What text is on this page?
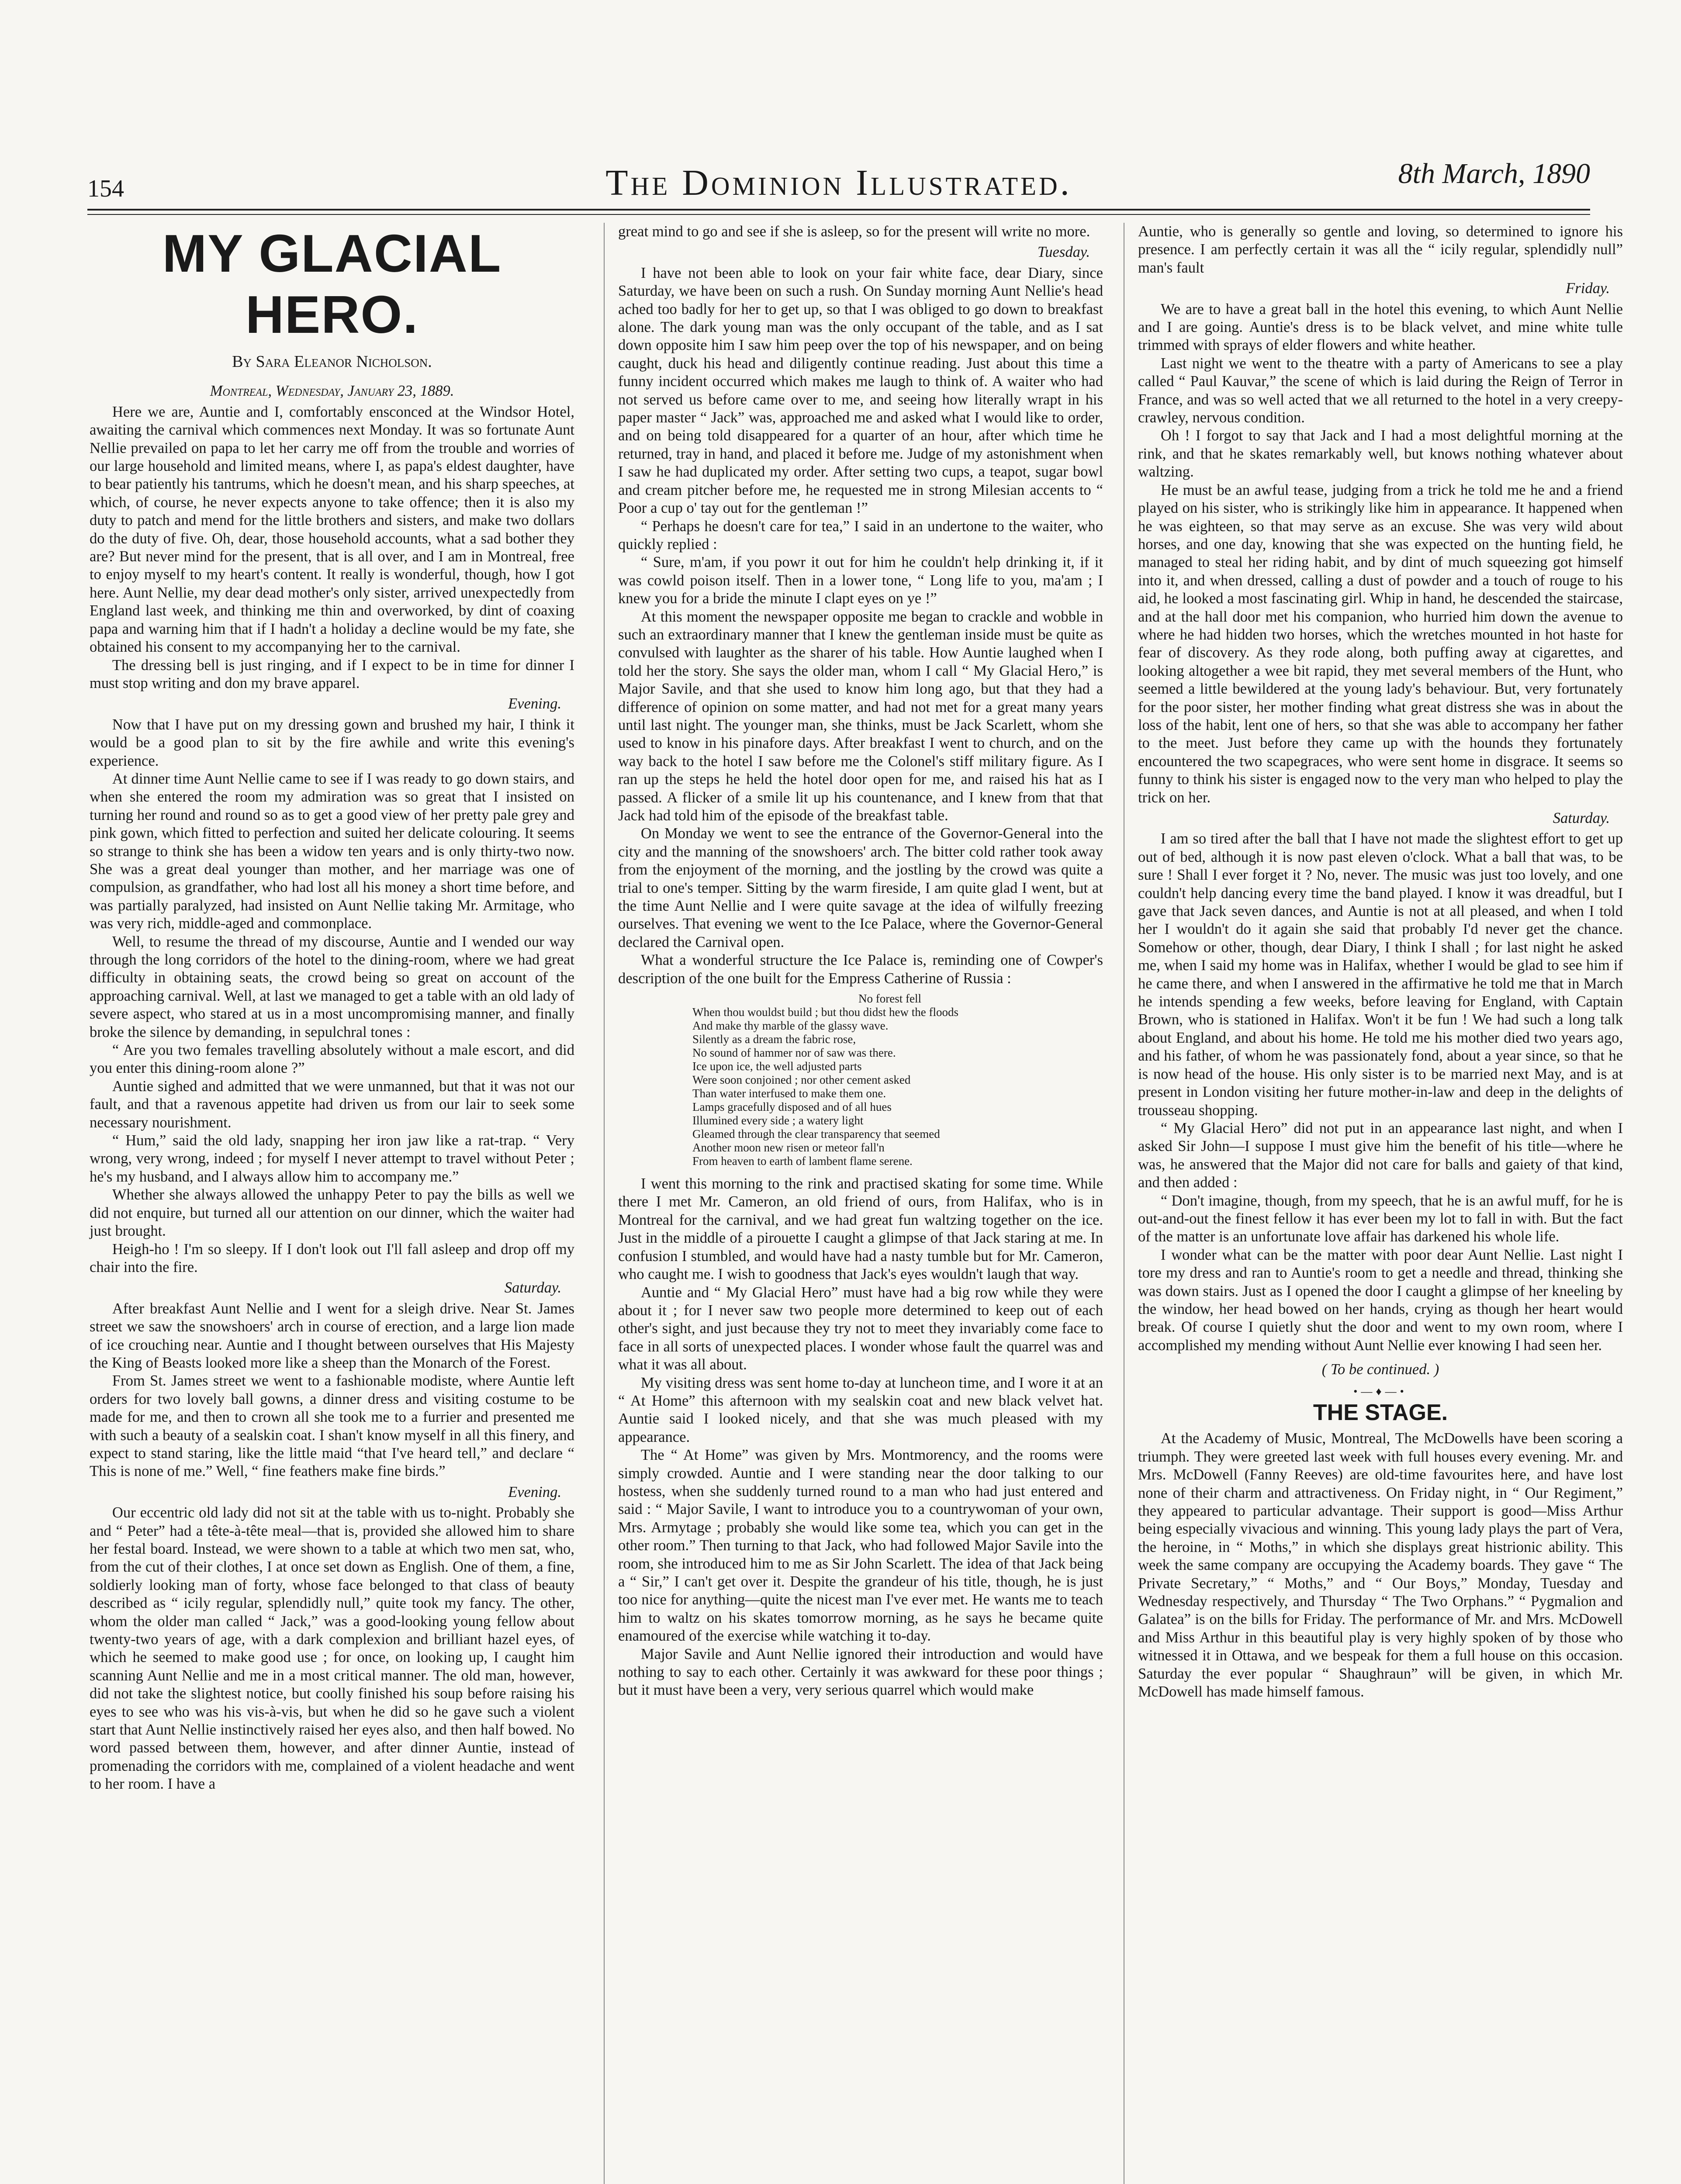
154	The Dominion Illustrated.	8th March, 1890
MY GLACIAL HERO.
By Sara Eleanor Nicholson.
Montreal, Wednesday, January 23, 1889.

Here we are, Auntie and I, comfortably ensconced at the Windsor Hotel, awaiting the carnival which commences next Monday. It was so fortunate Aunt Nellie prevailed on papa to let her carry me off from the trouble and worries of our large household and limited means, where I, as papa's eldest daughter, have to bear patiently his tantrums, which he doesn't mean, and his sharp speeches, at which, of course, he never expects anyone to take offence; then it is also my duty to patch and mend for the little brothers and sisters, and make two dollars do the duty of five. Oh, dear, those household accounts, what a sad bother they are? But never mind for the present, that is all over, and I am in Montreal, free to enjoy myself to my heart's content. It really is wonderful, though, how I got here. Aunt Nellie, my dear dead mother's only sister, arrived unexpectedly from England last week, and thinking me thin and overworked, by dint of coaxing papa and warning him that if I hadn't a holiday a decline would be my fate, she obtained his consent to my accompanying her to the carnival.

The dressing bell is just ringing, and if I expect to be in time for dinner I must stop writing and don my brave apparel.

Evening.

Now that I have put on my dressing gown and brushed my hair, I think it would be a good plan to sit by the fire awhile and write this evening's experience.

At dinner time Aunt Nellie came to see if I was ready to go down stairs, and when she entered the room my admiration was so great that I insisted on turning her round and round so as to get a good view of her pretty pale grey and pink gown, which fitted to perfection and suited her delicate colouring. It seems so strange to think she has been a widow ten years and is only thirty-two now. She was a great deal younger than mother, and her marriage was one of compulsion, as grandfather, who had lost all his money a short time before, and was partially paralyzed, had insisted on Aunt Nellie taking Mr. Armitage, who was very rich, middle-aged and commonplace.

Well, to resume the thread of my discourse, Auntie and I wended our way through the long corridors of the hotel to the dining-room, where we had great difficulty in obtaining seats, the crowd being so great on account of the approaching carnival. Well, at last we managed to get a table with an old lady of severe aspect, who stared at us in a most uncompromising manner, and finally broke the silence by demanding, in sepulchral tones :

“ Are you two females travelling absolutely without a male escort, and did you enter this dining-room alone ?”

Auntie sighed and admitted that we were unmanned, but that it was not our fault, and that a ravenous appetite had driven us from our lair to seek some necessary nourishment.

“ Hum,” said the old lady, snapping her iron jaw like a rat-trap. “ Very wrong, very wrong, indeed ; for myself I never attempt to travel without Peter ; he's my husband, and I always allow him to accompany me.”

Whether she always allowed the unhappy Peter to pay the bills as well we did not enquire, but turned all our attention on our dinner, which the waiter had just brought.

Heigh-ho ! I'm so sleepy. If I don't look out I'll fall asleep and drop off my chair into the fire.

Saturday.

After breakfast Aunt Nellie and I went for a sleigh drive. Near St. James street we saw the snowshoers' arch in course of erection, and a large lion made of ice crouching near. Auntie and I thought between ourselves that His Majesty the King of Beasts looked more like a sheep than the Monarch of the Forest.

From St. James street we went to a fashionable modiste, where Auntie left orders for two lovely ball gowns, a dinner dress and visiting costume to be made for me, and then to crown all she took me to a furrier and presented me with such a beauty of a sealskin coat. I shan't know myself in all this finery, and expect to stand staring, like the little maid “that I've heard tell,” and declare “ This is none of me.” Well, “ fine feathers make fine birds.”

Evening.

Our eccentric old lady did not sit at the table with us to-night. Probably she and “ Peter” had a tête-à-tête meal—that is, provided she allowed him to share her festal board. Instead, we were shown to a table at which two men sat, who, from the cut of their clothes, I at once set down as English. One of them, a fine, soldierly looking man of forty, whose face belonged to that class of beauty described as “ icily regular, splendidly null,” quite took my fancy. The other, whom the older man called “ Jack,” was a good-looking young fellow about twenty-two years of age, with a dark complexion and brilliant hazel eyes, of which he seemed to make good use ; for once, on looking up, I caught him scanning Aunt Nellie and me in a most critical manner. The old man, however, did not take the slightest notice, but coolly finished his soup before raising his eyes to see who was his vis-à-vis, but when he did so he gave such a violent start that Aunt Nellie instinctively raised her eyes also, and then half bowed. No word passed between them, however, and after dinner Auntie, instead of promenading the corridors with me, complained of a violent headache and went to her room. I have a

great mind to go and see if she is asleep, so for the present will write no more.

Tuesday.

I have not been able to look on your fair white face, dear Diary, since Saturday, we have been on such a rush. On Sunday morning Aunt Nellie's head ached too badly for her to get up, so that I was obliged to go down to breakfast alone. The dark young man was the only occupant of the table, and as I sat down opposite him I saw him peep over the top of his newspaper, and on being caught, duck his head and diligently continue reading. Just about this time a funny incident occurred which makes me laugh to think of. A waiter who had not served us before came over to me, and seeing how literally wrapt in his paper master “ Jack” was, approached me and asked what I would like to order, and on being told disappeared for a quarter of an hour, after which time he returned, tray in hand, and placed it before me. Judge of my astonishment when I saw he had duplicated my order. After setting two cups, a teapot, sugar bowl and cream pitcher before me, he requested me in strong Milesian accents to “ Poor a cup o' tay out for the gentleman !”

“ Perhaps he doesn't care for tea,” I said in an undertone to the waiter, who quickly replied :

“ Sure, m'am, if you powr it out for him he couldn't help drinking it, if it was cowld poison itself. Then in a lower tone, “ Long life to you, ma'am ; I knew you for a bride the minute I clapt eyes on ye !”

At this moment the newspaper opposite me began to crackle and wobble in such an extraordinary manner that I knew the gentleman inside must be quite as convulsed with laughter as the sharer of his table. How Auntie laughed when I told her the story. She says the older man, whom I call “ My Glacial Hero,” is Major Savile, and that she used to know him long ago, but that they had a difference of opinion on some matter, and had not met for a great many years until last night. The younger man, she thinks, must be Jack Scarlett, whom she used to know in his pinafore days. After breakfast I went to church, and on the way back to the hotel I saw before me the Colonel's stiff military figure. As I ran up the steps he held the hotel door open for me, and raised his hat as I passed. A flicker of a smile lit up his countenance, and I knew from that that Jack had told him of the episode of the breakfast table.

On Monday we went to see the entrance of the Governor-General into the city and the manning of the snowshoers' arch. The bitter cold rather took away from the enjoyment of the morning, and the jostling by the crowd was quite a trial to one's temper. Sitting by the warm fireside, I am quite glad I went, but at the time Aunt Nellie and I were quite savage at the idea of wilfully freezing ourselves. That evening we went to the Ice Palace, where the Governor-General declared the Carnival open.

What a wonderful structure the Ice Palace is, reminding one of Cowper's description of the one built for the Empress Catherine of Russia :

No forest fell
When thou wouldst build ; but thou didst hew the floods
And make thy marble of the glassy wave.
Silently as a dream the fabric rose,
No sound of hammer nor of saw was there.
Ice upon ice, the well adjusted parts
Were soon conjoined ; nor other cement asked
Than water interfused to make them one.
Lamps gracefully disposed and of all hues
Illumined every side ; a watery light
Gleamed through the clear transparency that seemed
Another moon new risen or meteor fall'n
From heaven to earth of lambent flame serene.

I went this morning to the rink and practised skating for some time. While there I met Mr. Cameron, an old friend of ours, from Halifax, who is in Montreal for the carnival, and we had great fun waltzing together on the ice. Just in the middle of a pirouette I caught a glimpse of that Jack staring at me. In confusion I stumbled, and would have had a nasty tumble but for Mr. Cameron, who caught me. I wish to goodness that Jack's eyes wouldn't laugh that way.

Auntie and “ My Glacial Hero” must have had a big row while they were about it ; for I never saw two people more determined to keep out of each other's sight, and just because they try not to meet they invariably come face to face in all sorts of unexpected places. I wonder whose fault the quarrel was and what it was all about.

My visiting dress was sent home to-day at luncheon time, and I wore it at an “ At Home” this afternoon with my sealskin coat and new black velvet hat. Auntie said I looked nicely, and that she was much pleased with my appearance.

The “ At Home” was given by Mrs. Montmorency, and the rooms were simply crowded. Auntie and I were standing near the door talking to our hostess, when she suddenly turned round to a man who had just entered and said : “ Major Savile, I want to introduce you to a countrywoman of your own, Mrs. Armytage ; probably she would like some tea, which you can get in the other room.” Then turning to that Jack, who had followed Major Savile into the room, she introduced him to me as Sir John Scarlett. The idea of that Jack being a “ Sir,” I can't get over it. Despite the grandeur of his title, though, he is just too nice for anything—quite the nicest man I've ever met. He wants me to teach him to waltz on his skates tomorrow morning, as he says he became quite enamoured of the exercise while watching it to-day.

Major Savile and Aunt Nellie ignored their introduction and would have nothing to say to each other. Certainly it was awkward for these poor things ; but it must have been a very, very serious quarrel which would make

Auntie, who is generally so gentle and loving, so determined to ignore his presence. I am perfectly certain it was all the “ icily regular, splendidly null” man's fault

Friday.

We are to have a great ball in the hotel this evening, to which Aunt Nellie and I are going. Auntie's dress is to be black velvet, and mine white tulle trimmed with sprays of elder flowers and white heather.

Last night we went to the theatre with a party of Americans to see a play called “ Paul Kauvar,” the scene of which is laid during the Reign of Terror in France, and was so well acted that we all returned to the hotel in a very creepy-crawley, nervous condition.

Oh ! I forgot to say that Jack and I had a most delightful morning at the rink, and that he skates remarkably well, but knows nothing whatever about waltzing.

He must be an awful tease, judging from a trick he told me he and a friend played on his sister, who is strikingly like him in appearance. It happened when he was eighteen, so that may serve as an excuse. She was very wild about horses, and one day, knowing that she was expected on the hunting field, he managed to steal her riding habit, and by dint of much squeezing got himself into it, and when dressed, calling a dust of powder and a touch of rouge to his aid, he looked a most fascinating girl. Whip in hand, he descended the staircase, and at the hall door met his companion, who hurried him down the avenue to where he had hidden two horses, which the wretches mounted in hot haste for fear of discovery. As they rode along, both puffing away at cigarettes, and looking altogether a wee bit rapid, they met several members of the Hunt, who seemed a little bewildered at the young lady's behaviour. But, very fortunately for the poor sister, her mother finding what great distress she was in about the loss of the habit, lent one of hers, so that she was able to accompany her father to the meet. Just before they came up with the hounds they fortunately encountered the two scapegraces, who were sent home in disgrace. It seems so funny to think his sister is engaged now to the very man who helped to play the trick on her.

Saturday.

I am so tired after the ball that I have not made the slightest effort to get up out of bed, although it is now past eleven o'clock. What a ball that was, to be sure ! Shall I ever forget it ? No, never. The music was just too lovely, and one couldn't help dancing every time the band played. I know it was dreadful, but I gave that Jack seven dances, and Auntie is not at all pleased, and when I told her I wouldn't do it again she said that probably I'd never get the chance. Somehow or other, though, dear Diary, I think I shall ; for last night he asked me, when I said my home was in Halifax, whether I would be glad to see him if he came there, and when I answered in the affirmative he told me that in March he intends spending a few weeks, before leaving for England, with Captain Brown, who is stationed in Halifax. Won't it be fun ! We had such a long talk about England, and about his home. He told me his mother died two years ago, and his father, of whom he was passionately fond, about a year since, so that he is now head of the house. His only sister is to be married next May, and is at present in London visiting her future mother-in-law and deep in the delights of trousseau shopping.

“ My Glacial Hero” did not put in an appearance last night, and when I asked Sir John—I suppose I must give him the benefit of his title—where he was, he answered that the Major did not care for balls and gaiety of that kind, and then added :

“ Don't imagine, though, from my speech, that he is an awful muff, for he is out-and-out the finest fellow it has ever been my lot to fall in with. But the fact of the matter is an unfortunate love affair has darkened his whole life.

I wonder what can be the matter with poor dear Aunt Nellie. Last night I tore my dress and ran to Auntie's room to get a needle and thread, thinking she was down stairs. Just as I opened the door I caught a glimpse of her kneeling by the window, her head bowed on her hands, crying as though her heart would break. Of course I quietly shut the door and went to my own room, where I accomplished my mending without Aunt Nellie ever knowing I had seen her.

( To be continued. )
•—♦—•
THE STAGE.

At the Academy of Music, Montreal, The McDowells have been scoring a triumph. They were greeted last week with full houses every evening. Mr. and Mrs. McDowell (Fanny Reeves) are old-time favourites here, and have lost none of their charm and attractiveness. On Friday night, in “ Our Regiment,” they appeared to particular advantage. Their support is good—Miss Arthur being especially vivacious and winning. This young lady plays the part of Vera, the heroine, in “ Moths,” in which she displays great histrionic ability. This week the same company are occupying the Academy boards. They gave “ The Private Secretary,” “ Moths,” and “ Our Boys,” Monday, Tuesday and Wednesday respectively, and Thursday “ The Two Orphans.” “ Pygmalion and Galatea” is on the bills for Friday. The performance of Mr. and Mrs. McDowell and Miss Arthur in this beautiful play is very highly spoken of by those who witnessed it in Ottawa, and we bespeak for them a full house on this occasion. Saturday the ever popular “ Shaughraun” will be given, in which Mr. McDowell has made himself famous.
